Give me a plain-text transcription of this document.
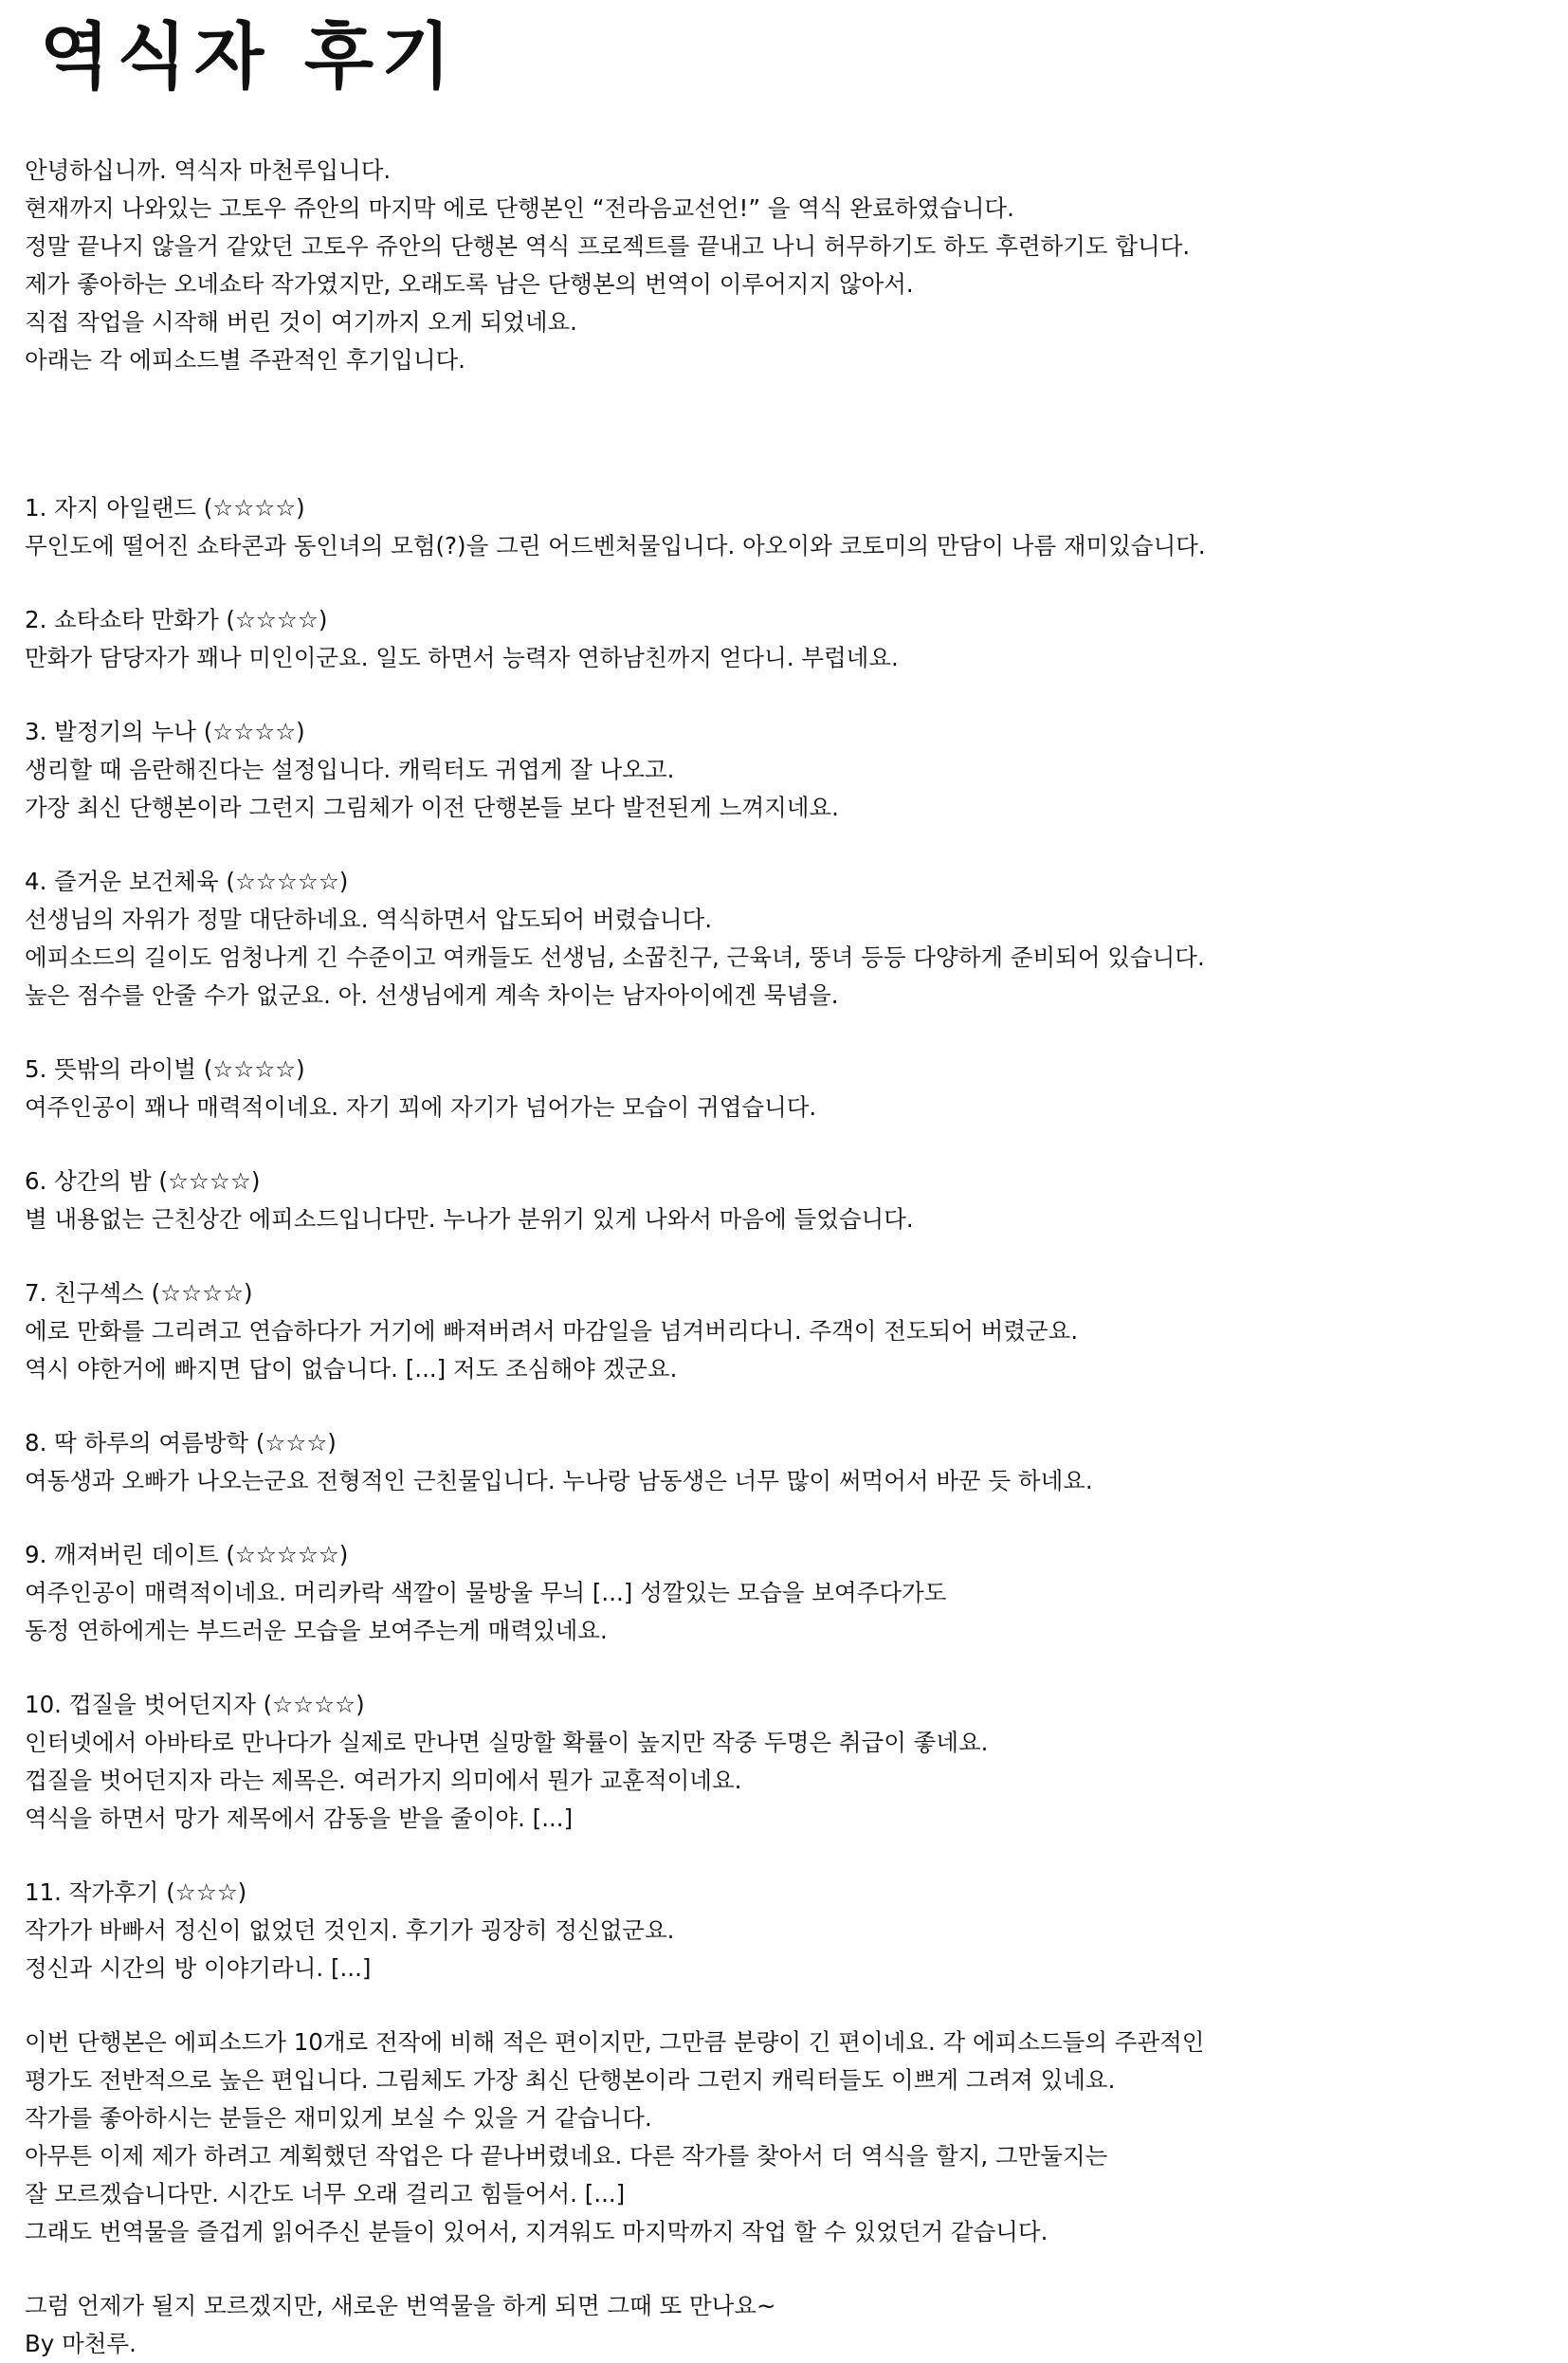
역식자 후기
안녕하십니까. 역식자 마천루입니다.
현재까지 나와있는 고토우 쥬안의 마지막 에로 단행본인 “전라음교선언!” 을 역식 완료하였습니다.
정말 끝나지 않을거 같았던 고토우 쥬안의 단행본 역식 프로젝트를 끝내고 나니 허무하기도 하도 후련하기도 합니다.
제가 좋아하는 오네쇼타 작가였지만, 오래도록 남은 단행본의 번역이 이루어지지 않아서.
직접 작업을 시작해 버린 것이 여기까지 오게 되었네요.
아래는 각 에피소드별 주관적인 후기입니다.
1. 자지 아일랜드 (☆☆☆☆)
무인도에 떨어진 쇼타콘과 동인녀의 모험(?)을 그린 어드벤처물입니다. 아오이와 코토미의 만담이 나름 재미있습니다.
2. 쇼타쇼타 만화가 (☆☆☆☆)
만화가 담당자가 꽤나 미인이군요. 일도 하면서 능력자 연하남친까지 얻다니. 부럽네요.
3. 발정기의 누나 (☆☆☆☆)
생리할 때 음란해진다는 설정입니다. 캐릭터도 귀엽게 잘 나오고.
가장 최신 단행본이라 그런지 그림체가 이전 단행본들 보다 발전된게 느껴지네요.
4. 즐거운 보건체육 (☆☆☆☆☆)
선생님의 자위가 정말 대단하네요. 역식하면서 압도되어 버렸습니다.
에피소드의 길이도 엄청나게 긴 수준이고 여캐들도 선생님, 소꿉친구, 근육녀, 뚱녀 등등 다양하게 준비되어 있습니다.
높은 점수를 안줄 수가 없군요. 아. 선생님에게 계속 차이는 남자아이에겐 묵념을.
5. 뜻밖의 라이벌 (☆☆☆☆)
여주인공이 꽤나 매력적이네요. 자기 꾀에 자기가 넘어가는 모습이 귀엽습니다.
6. 상간의 밤 (☆☆☆☆)
별 내용없는 근친상간 에피소드입니다만. 누나가 분위기 있게 나와서 마음에 들었습니다.
7. 친구섹스 (☆☆☆☆)
에로 만화를 그리려고 연습하다가 거기에 빠져버려서 마감일을 넘겨버리다니. 주객이 전도되어 버렸군요.
역시 야한거에 빠지면 답이 없습니다. [...] 저도 조심해야 겠군요.
8. 딱 하루의 여름방학 (☆☆☆)
여동생과 오빠가 나오는군요 전형적인 근친물입니다. 누나랑 남동생은 너무 많이 써먹어서 바꾼 듯 하네요.
9. 깨져버린 데이트 (☆☆☆☆☆)
여주인공이 매력적이네요. 머리카락 색깔이 물방울 무늬 [...] 성깔있는 모습을 보여주다가도
동정 연하에게는 부드러운 모습을 보여주는게 매력있네요.
10. 껍질을 벗어던지자 (☆☆☆☆)
인터넷에서 아바타로 만나다가 실제로 만나면 실망할 확률이 높지만 작중 두명은 취급이 좋네요.
껍질을 벗어던지자 라는 제목은. 여러가지 의미에서 뭔가 교훈적이네요.
역식을 하면서 망가 제목에서 감동을 받을 줄이야. [...]
11. 작가후기 (☆☆☆)
작가가 바빠서 정신이 없었던 것인지. 후기가 굉장히 정신없군요.
정신과 시간의 방 이야기라니. [...]
이번 단행본은 에피소드가 10개로 전작에 비해 적은 편이지만, 그만큼 분량이 긴 편이네요. 각 에피소드들의 주관적인
평가도 전반적으로 높은 편입니다. 그림체도 가장 최신 단행본이라 그런지 캐릭터들도 이쁘게 그려져 있네요.
작가를 좋아하시는 분들은 재미있게 보실 수 있을 거 같습니다.
아무튼 이제 제가 하려고 계획했던 작업은 다 끝나버렸네요. 다른 작가를 찾아서 더 역식을 할지, 그만둘지는
잘 모르겠습니다만. 시간도 너무 오래 걸리고 힘들어서. [...]
그래도 번역물을 즐겁게 읽어주신 분들이 있어서, 지겨워도 마지막까지 작업 할 수 있었던거 같습니다.
그럼 언제가 될지 모르겠지만, 새로운 번역물을 하게 되면 그때 또 만나요~
By 마천루.
